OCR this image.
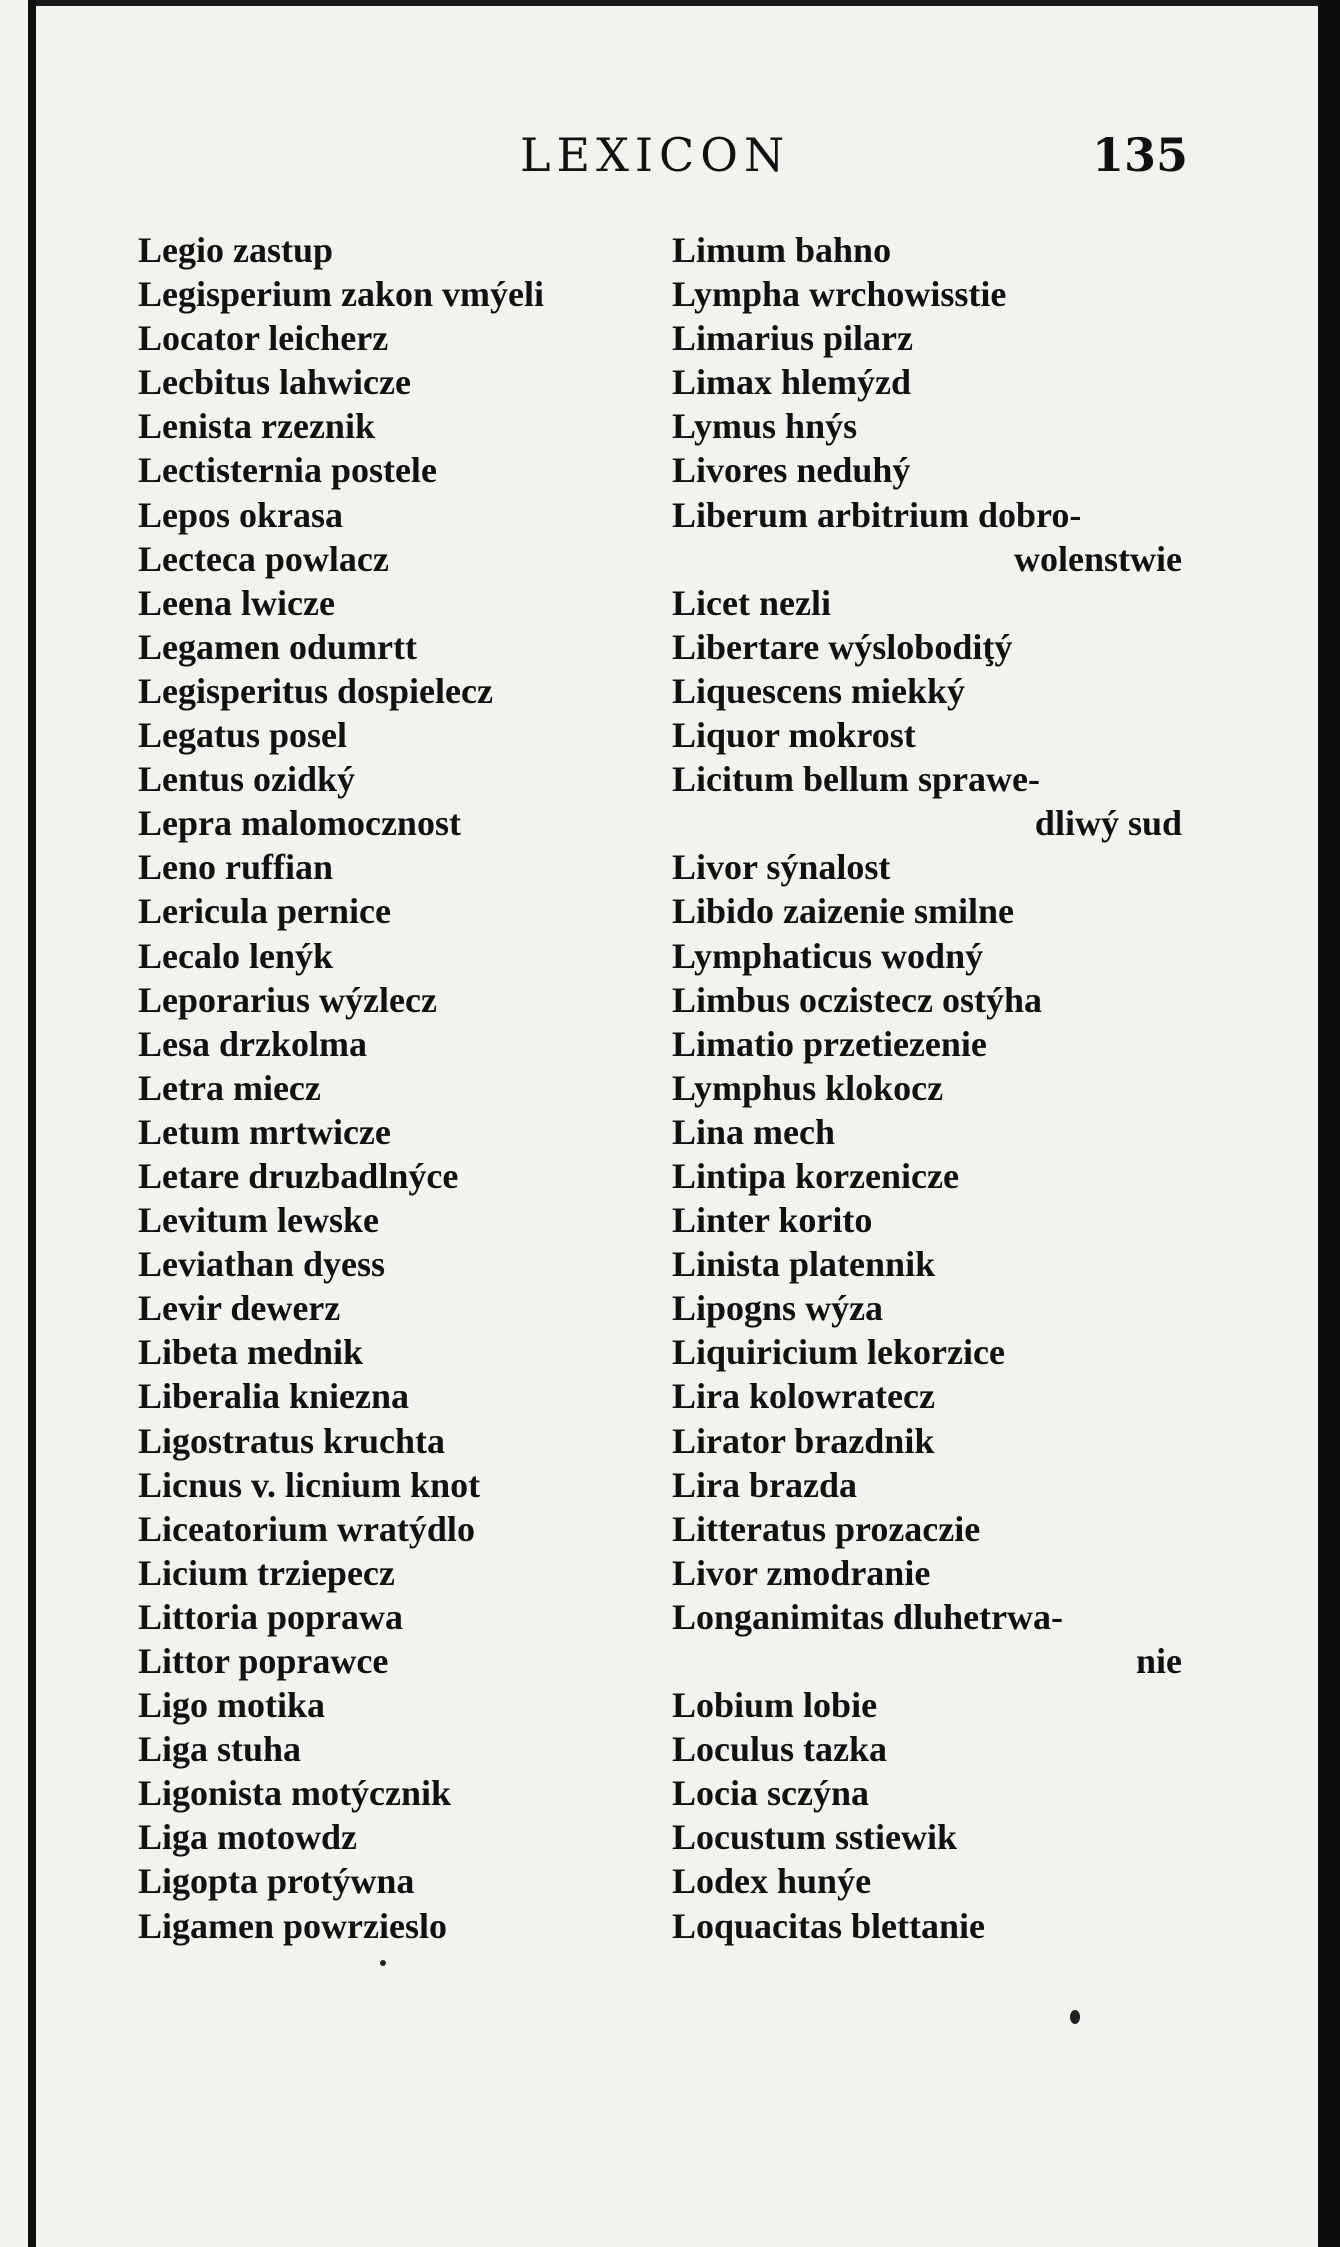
LEXICON	135
Legio zastup
Legisperium zakon vmýeli
Locator leicherz
Lecbitus lahwicze
Lenista rzeznik
Lectisternia postele
Lepos okrasa
Lecteca powlacz
Leena lwicze
Legamen odumrtt
Legisperitus dospielecz
Legatus posel
Lentus ozidký
Lepra malomocznost
Leno ruffian
Lericula pernice
Lecalo lenýk
Leporarius wýzlecz
Lesa drzkolma
Letra miecz
Letum mrtwicze
Letare druzbadlnýce
Levitum lewske
Leviathan dyess
Levir dewerz
Libeta mednik
Liberalia kniezna
Ligostratus kruchta
Licnus v. licnium knot
Liceatorium wratýdlo
Licium trziepecz
Littoria poprawa
Littor poprawce
Ligo motika
Liga stuha
Ligonista motýcznik
Liga motowdz
Ligopta protýwna
Ligamen powrzieslo
Limum bahno
Lympha wrchowisstie
Limarius pilarz
Limax hlemýzd
Lymus hnýs
Livores neduhý
Liberum arbitrium dobro-
wolenstwie
Licet nezli
Libertare wýslobodiţý
Liquescens miekký
Liquor mokrost
Licitum bellum sprawe-
dliwý sud
Livor sýnalost
Libido zaizenie smilne
Lymphaticus wodný
Limbus oczistecz ostýha
Limatio przetiezenie
Lymphus klokocz
Lina mech
Lintipa korzenicze
Linter korito
Linista platennik
Lipogns wýza
Liquiricium lekorzice
Lira kolowratecz
Lirator brazdnik
Lira brazda
Litteratus prozaczie
Livor zmodranie
Longanimitas dluhetrwa-
nie
Lobium lobie
Loculus tazka
Locia sczýna
Locustum sstiewik
Lodex hunýe
Loquacitas blettanie
